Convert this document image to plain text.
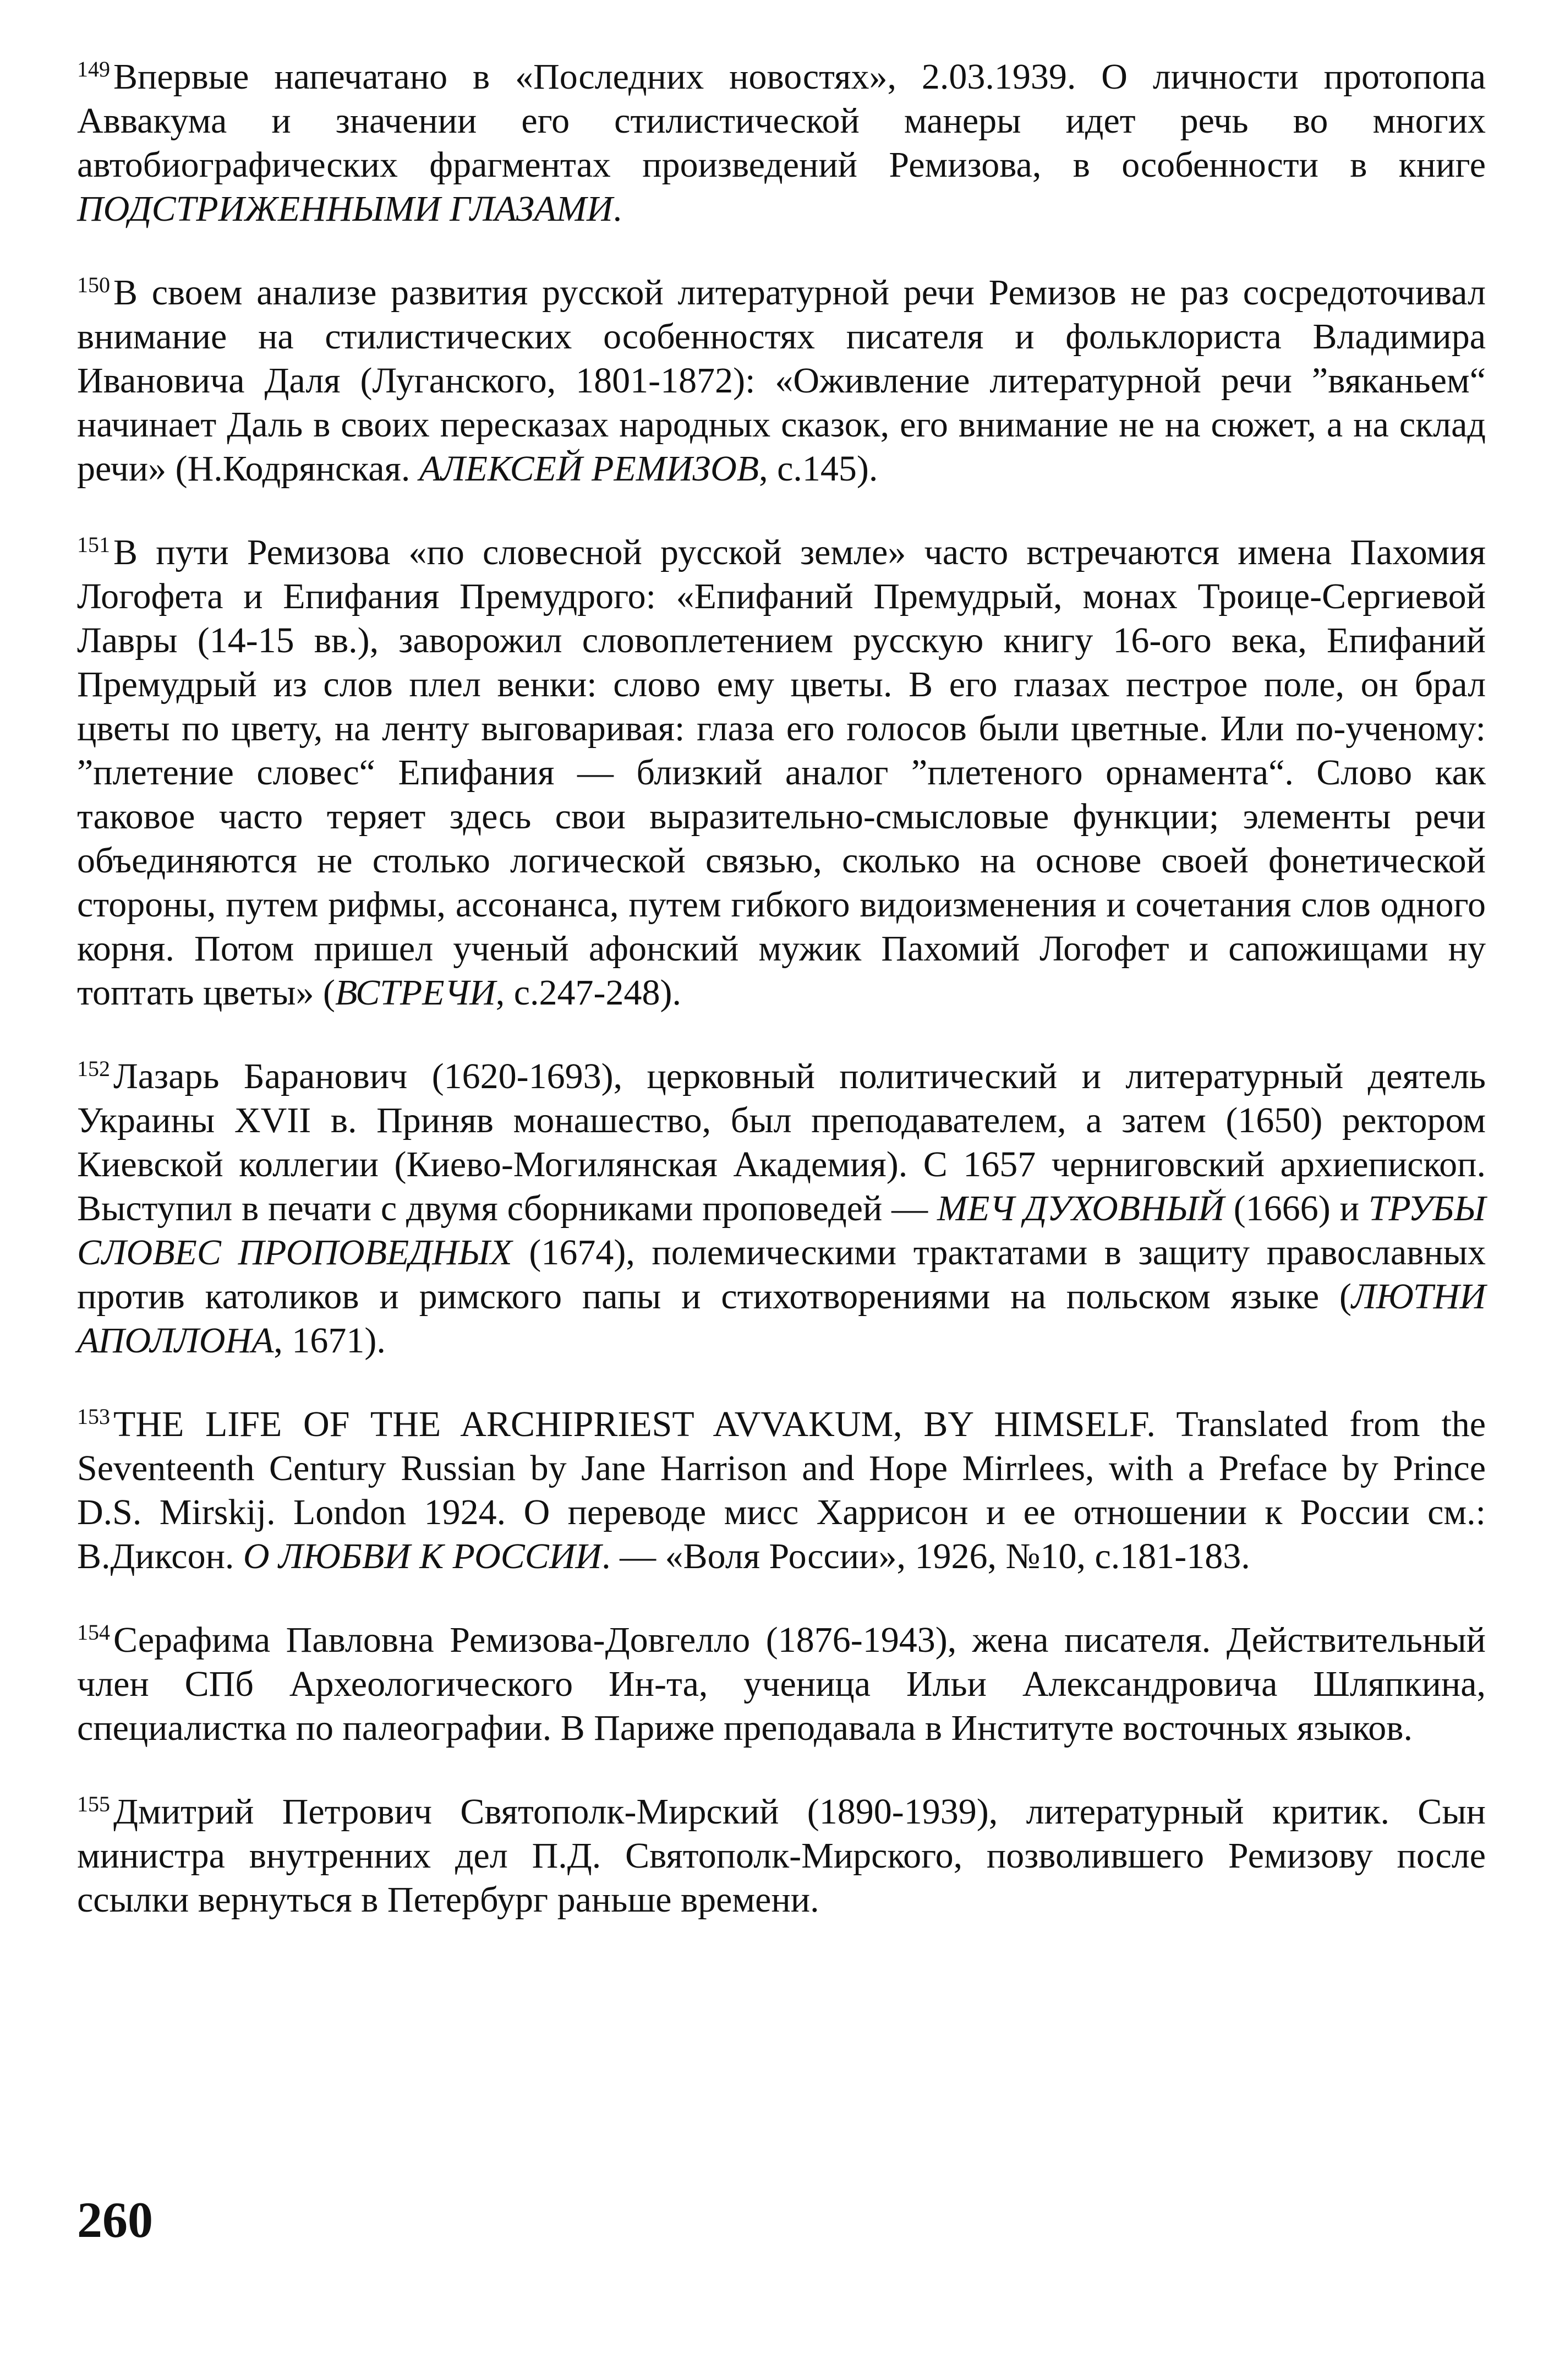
$^{149}$Впервые напечатано в «Последних новостях», 2.03.1939. О личности протопопа Аввакума и значении его стилистической манеры идет речь во многих автобиографических фрагментах произведений Ремизова, в особенности в книге ПОДСТРИЖЕННЫМИ ГЛАЗАМИ.

$^{150}$В своем анализе развития русской литературной речи Ремизов не раз сосредоточивал внимание на стилистических особенностях писателя и фольклориста Владимира Ивановича Даля (Луганского, 1801-1872): «Оживление литературной речи ”вяканьем“ начинает Даль в своих пересказах народных сказок, его внимание не на сюжет, а на склад речи» (Н.Кодрянская. АЛЕКСЕЙ РЕМИЗОВ, с.145).

$^{151}$В пути Ремизова «по словесной русской земле» часто встречаются имена Пахомия Логофета и Епифания Премудрого: «Епифаний Премудрый, монах Троице-Сергиевой Лавры (14-15 вв.), заворожил словоплетением русскую книгу 16-ого века, Епифаний Премудрый из слов плел венки: слово ему цветы. В его глазах пестрое поле, он брал цветы по цвету, на ленту выговаривая: глаза его голосов были цветные. Или по-ученому: ”плетение словес“ Епифания — близкий аналог ”плетеного орнамента“. Слово как таковое часто теряет здесь свои выразительно-смысловые функции; элементы речи объединяются не столько логической связью, сколько на основе своей фонетической стороны, путем рифмы, ассонанса, путем гибкого видоизменения и сочетания слов одного корня. Потом пришел ученый афонский мужик Пахомий Логофет и сапожищами ну топтать цветы» (ВСТРЕЧИ, с.247-248).

$^{152}$Лазарь Баранович (1620-1693), церковный политический и литературный деятель Украины XVII в. Приняв монашество, был преподавателем, а затем (1650) ректором Киевской коллегии (Киево-Могилянская Академия). С 1657 черниговский архиепископ. Выступил в печати с двумя сборниками проповедей — МЕЧ ДУХОВНЫЙ (1666) и ТРУБЫ СЛОВЕС ПРОПОВЕДНЫХ (1674), полемическими трактатами в защиту православных против католиков и римского папы и стихотворениями на польском языке (ЛЮТНИ АПОЛЛОНА, 1671).

$^{153}$THE LIFE OF THE ARCHIPRIEST AVVAKUM, BY HIMSELF. Translated from the Seventeenth Century Russian by Jane Harrison and Hope Mirrlees, with a Preface by Prince D.S. Mirskij. London 1924. О переводе мисс Харрисон и ее отношении к России см.: В.Диксон. О ЛЮБВИ К РОССИИ. — «Воля России», 1926, №10, с.181-183.

$^{154}$Серафима Павловна Ремизова-Довгелло (1876-1943), жена писателя. Действительный член СПб Археологического Ин-та, ученица Ильи Александровича Шляпкина, специалистка по палеографии. В Париже преподавала в Институте восточных языков.

$^{155}$Дмитрий Петрович Святополк-Мирский (1890-1939), литературный критик. Сын министра внутренних дел П.Д. Святополк-Мирского, позволившего Ремизову после ссылки вернуться в Петербург раньше времени.

260
